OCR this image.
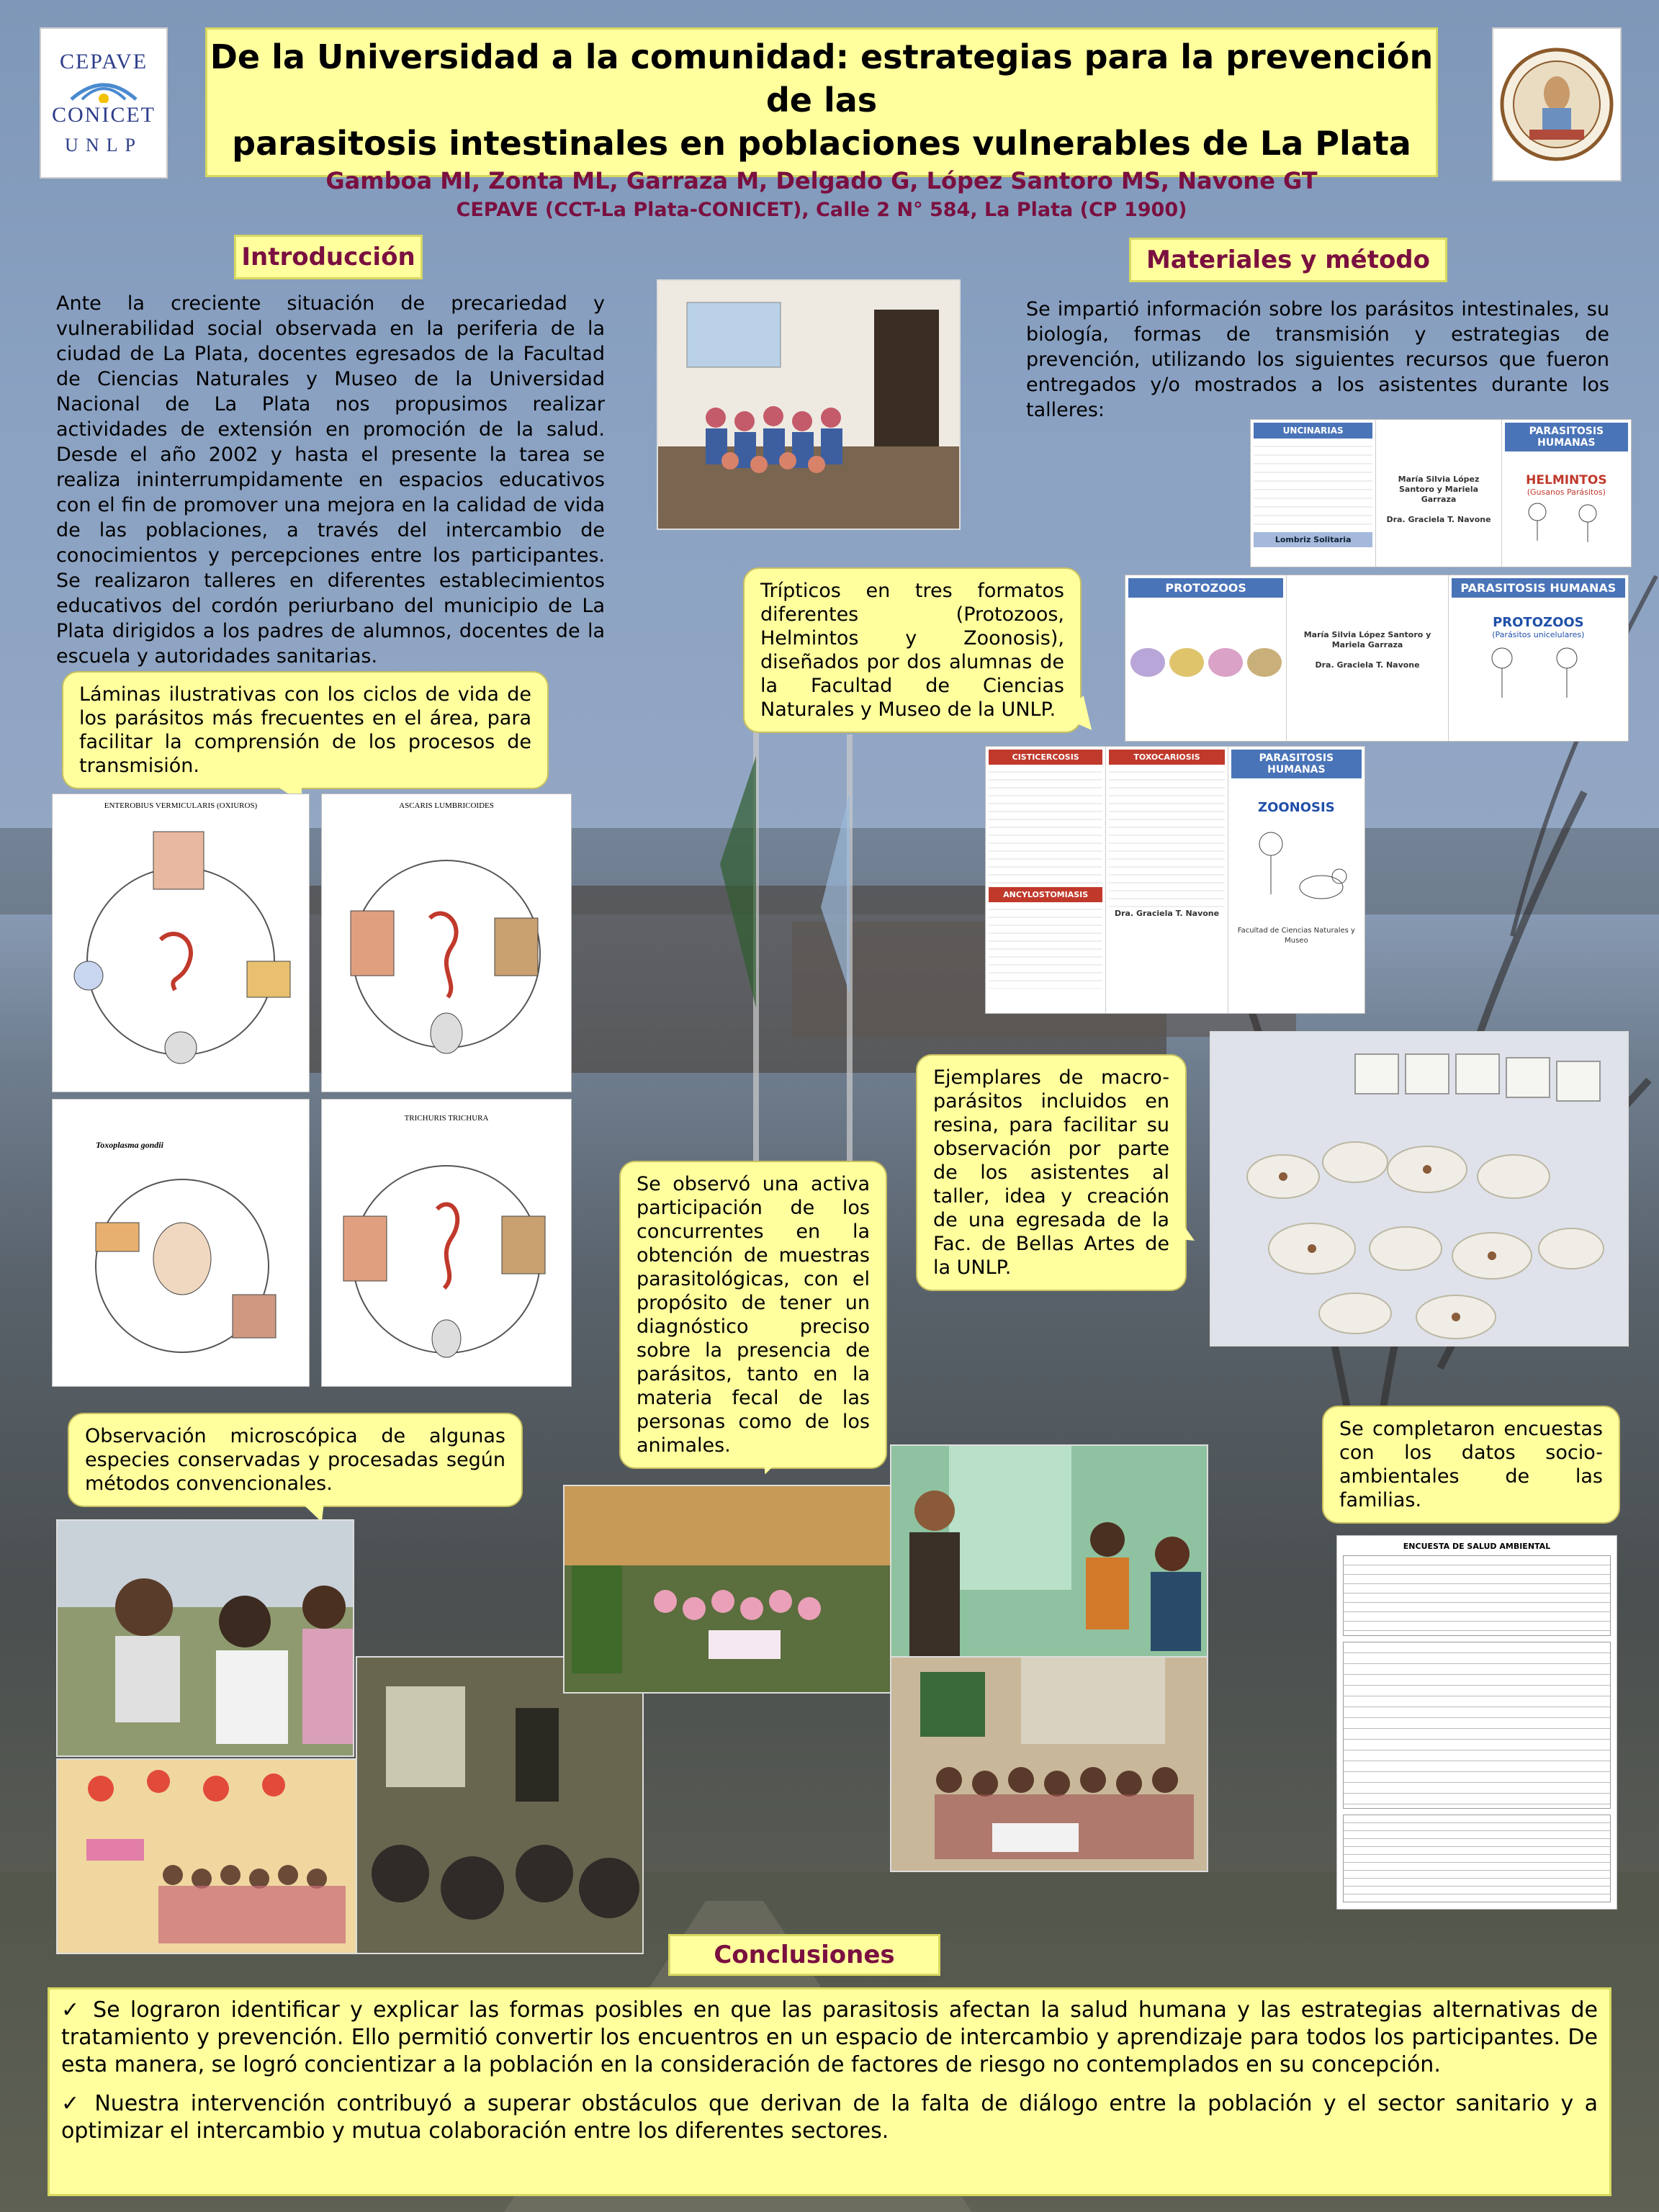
CEPAVE
CONICET
UNLP
De la Universidad a la comunidad: estrategias para la prevención de las
parasitosis intestinales en poblaciones vulnerables de La Plata
Gamboa MI, Zonta ML, Garraza M, Delgado G, López Santoro MS, Navone GT
CEPAVE (CCT-La Plata-CONICET), Calle 2 N° 584, La Plata (CP 1900)
Introducción
Ante la creciente situación de precariedad y vulnerabilidad social observada en la periferia de la ciudad de La Plata, docentes egresados de la Facultad de Ciencias Naturales y Museo de la Universidad Nacional de La Plata nos propusimos realizar actividades de extensión en promoción de la salud. Desde el año 2002 y hasta el presente la tarea se realiza ininterrumpidamente en espacios educativos con el fin de promover una mejora en la calidad de vida de las poblaciones, a través del intercambio de conocimientos y percepciones entre los participantes. Se realizaron talleres en diferentes establecimientos educativos del cordón periurbano del municipio de La Plata dirigidos a los padres de alumnos, docentes de la escuela y autoridades sanitarias.
Materiales y método
Se impartió información sobre los parásitos intestinales, su biología, formas de transmisión y estrategias de prevención, utilizando los siguientes recursos que fueron entregados y/o mostrados a los asistentes durante los talleres:
UNCINARIAS
Lombriz Solitaria
María Silvia López Santoro y Mariela Garraza
Dra. Graciela T. Navone
PARASITOSIS HUMANAS
HELMINTOS
(Gusanos Parásitos)
PROTOZOOS
María Silvia López Santoro y Mariela Garraza
Dra. Graciela T. Navone
PARASITOSIS HUMANAS
PROTOZOOS
(Parásitos unicelulares)
CISTICERCOSIS
ANCYLOSTOMIASIS
TOXOCARIOSIS
Dra. Graciela T. Navone
PARASITOSIS HUMANAS
ZOONOSIS
Facultad de Ciencias Naturales y Museo
Trípticos en tres formatos diferentes (Protozoos, Helmintos y Zoonosis), diseñados por dos alumnas de la Facultad de Ciencias Naturales y Museo de la UNLP.
Láminas ilustrativas con los ciclos de vida de los parásitos más frecuentes en el área, para facilitar la comprensión de los procesos de transmisión.
ENTEROBIUS VERMICULARIS (OXIUROS)	ASCARIS LUMBRICOIDES
Toxoplasma gondii
TRICHURIS TRICHURA
Ejemplares de macro-parásitos incluidos en resina, para facilitar su observación por parte de los asistentes al taller, idea y creación de una egresada de la Fac. de Bellas Artes de la UNLP.
Se observó una activa participación de los concurrentes en la obtención de muestras parasitológicas, con el propósito de tener un diagnóstico preciso sobre la presencia de parásitos, tanto en la materia fecal de las personas como de los animales.
Observación microscópica de algunas especies conservadas y procesadas según métodos convencionales.
Se completaron encuestas con los datos socio-ambientales de las familias.
ENCUESTA DE SALUD AMBIENTAL
Conclusiones

✓ Se lograron identificar y explicar las formas posibles en que las parasitosis afectan la salud humana y las estrategias alternativas de tratamiento y prevención. Ello permitió convertir los encuentros en un espacio de intercambio y aprendizaje para todos los participantes. De esta manera, se logró concientizar a la población en la consideración de factores de riesgo no contemplados en su concepción.

✓ Nuestra intervención contribuyó a superar obstáculos que derivan de la falta de diálogo entre la población y el sector sanitario y a optimizar el intercambio y mutua colaboración entre los diferentes sectores.
